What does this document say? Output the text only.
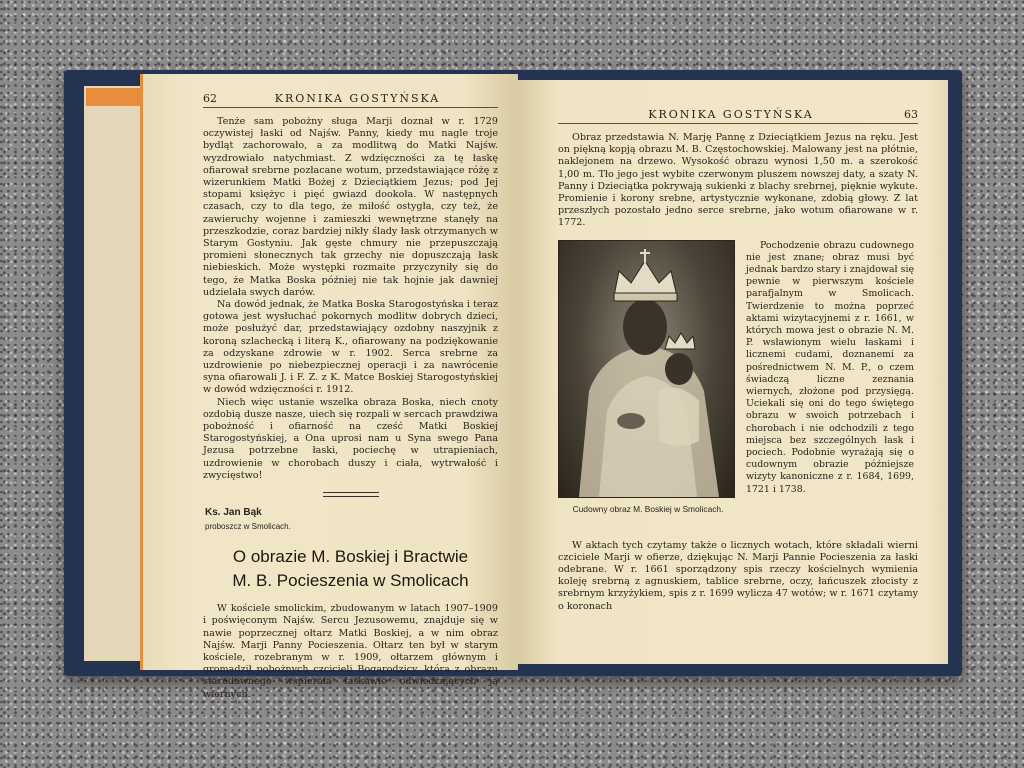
62	KRONIKA GOSTYŃSKA

Tenże sam pobożny sługa Marji doznał w r. 1729 oczywistej łaski od Najśw. Panny, kiedy mu nagle troje bydląt zachorowało, a za modlitwą do Matki Najśw. wyzdrowiało natychmiast. Z wdzięczności za tę łaskę ofiarował srebrne pozłacane wotum, przedstawiające różę z wizerunkiem Matki Bożej z Dzieciątkiem Jezus; pod Jej stopami księżyc i pięć gwiazd dookoła. W następnych czasach, czy to dla tego, że miłość ostygła, czy też, że zawieruchy wojenne i zamieszki wewnętrzne stanęły na przeszkodzie, coraz bardziej nikły ślady łask otrzymanych w Starym Gostyniu. Jak gęste chmury nie przepuszczają promieni słonecznych tak grzechy nie dopuszczają łask niebieskich. Może występki rozmaite przyczyniły się do tego, że Matka Boska później nie tak hojnie jak dawniej udzielała swych darów.

Na dowód jednak, że Matka Boska Starogostyńska i teraz gotowa jest wysłuchać pokornych modlitw dobrych dzieci, może posłużyć dar, przedstawiający ozdobny naszyjnik z koroną szlachecką i literą K., ofiarowany na podziękowanie za odzyskane zdrowie w r. 1902. Serca srebrne za uzdrowienie po niebezpiecznej operacji i za nawrócenie syna ofiarowali J. i F. Z. z K. Matce Boskiej Starogostyńskiej w dowód wdzięczności r. 1912.

Niech więc ustanie wszelka obraza Boska, niech cnoty ozdobią dusze nasze, uiech się rozpali w sercach prawdziwa pobożność i ofiarność na cześć Matki Boskiej Starogostyńskiej, a Ona uprosi nam u Syna swego Pana Jezusa potrzebne łaski, pociechę w utrapieniach, uzdrowienie w chorobach duszy i ciała, wytrwałość i zwycięstwo!

Ks. Jan Bąk
proboszcz w Smolicach.
O obrazie M. Boskiej i Bractwie
M. B. Pocieszenia w Smolicach

W kościele smolickim, zbudowanym w latach 1907–1909 i poświęconym Najśw. Sercu Jezusowemu, znajduje się w nawie poprzecznej ołtarz Matki Boskiej, a w nim obraz Najśw. Marji Panny Pocieszenia. Ołtarz ten był w starym kościele, rozebranym w r. 1909, ołtarzem głównym i gromadził pobożnych czcicieli Bogarodzicy, która z obrazu starodawnego wspierała łaskawie odwiedzających ją wiernych.

KRONIKA GOSTYŃSKA	63

Obraz przedstawia N. Marję Pannę z Dzieciątkiem Jezus na ręku. Jest on piękną kopją obrazu M. B. Częstochowskiej. Malowany jest na płótnie, naklejonem na drzewo. Wysokość obrazu wynosi 1,50 m. a szerokość 1,00 m. Tło jego jest wybite czerwonym pluszem nowszej daty, a szaty N. Panny i Dzieciątka pokrywają sukienki z blachy srebrnej, pięknie wykute. Promienie i korony srebne, artystycznie wykonane, zdobią głowy. Z lat przeszłych pozostało jedno serce srebrne, jako wotum ofiarowane w r. 1772.

Cudowny obraz M. Boskiej w Smolicach.

Pochodzenie obrazu cudownego nie jest znane; obraz musi być jednak bardzo stary i znajdował się pewnie w pierwszym kościele parafjalnym w Smolicach. Twierdzenie to można poprzeć aktami wizytacyjnemi z r. 1661, w których mowa jest o obrazie N. M. P. wsławionym wielu łaskami i licznemi cudami, doznanemi za pośrednictwem N. M. P., o czem świadczą liczne zeznania wiernych, złożone pod przysięgą. Uciekali się oni do tego świętego obrazu w swoich potrzebach i chorobach i nie odchodzili z tego miejsca bez szczególnych łask i pociech. Podobnie wyrażają się o cudownym obrazie późniejsze wizyty kanoniczne z r. 1684, 1699, 1721 i 1738.

W aktach tych czytamy także o licznych wotach, które składali wierni czciciele Marji w ofierze, dziękując N. Marji Pannie Pocieszenia za łaski odebrane. W r. 1661 sporządzony spis rzeczy kościelnych wymienia koleję srebrną z agnuskiem, tablice srebrne, oczy, łańcuszek złocisty z srebrnym krzyżykiem, spis z r. 1699 wylicza 47 wotów; w r. 1671 czytamy o koronach
